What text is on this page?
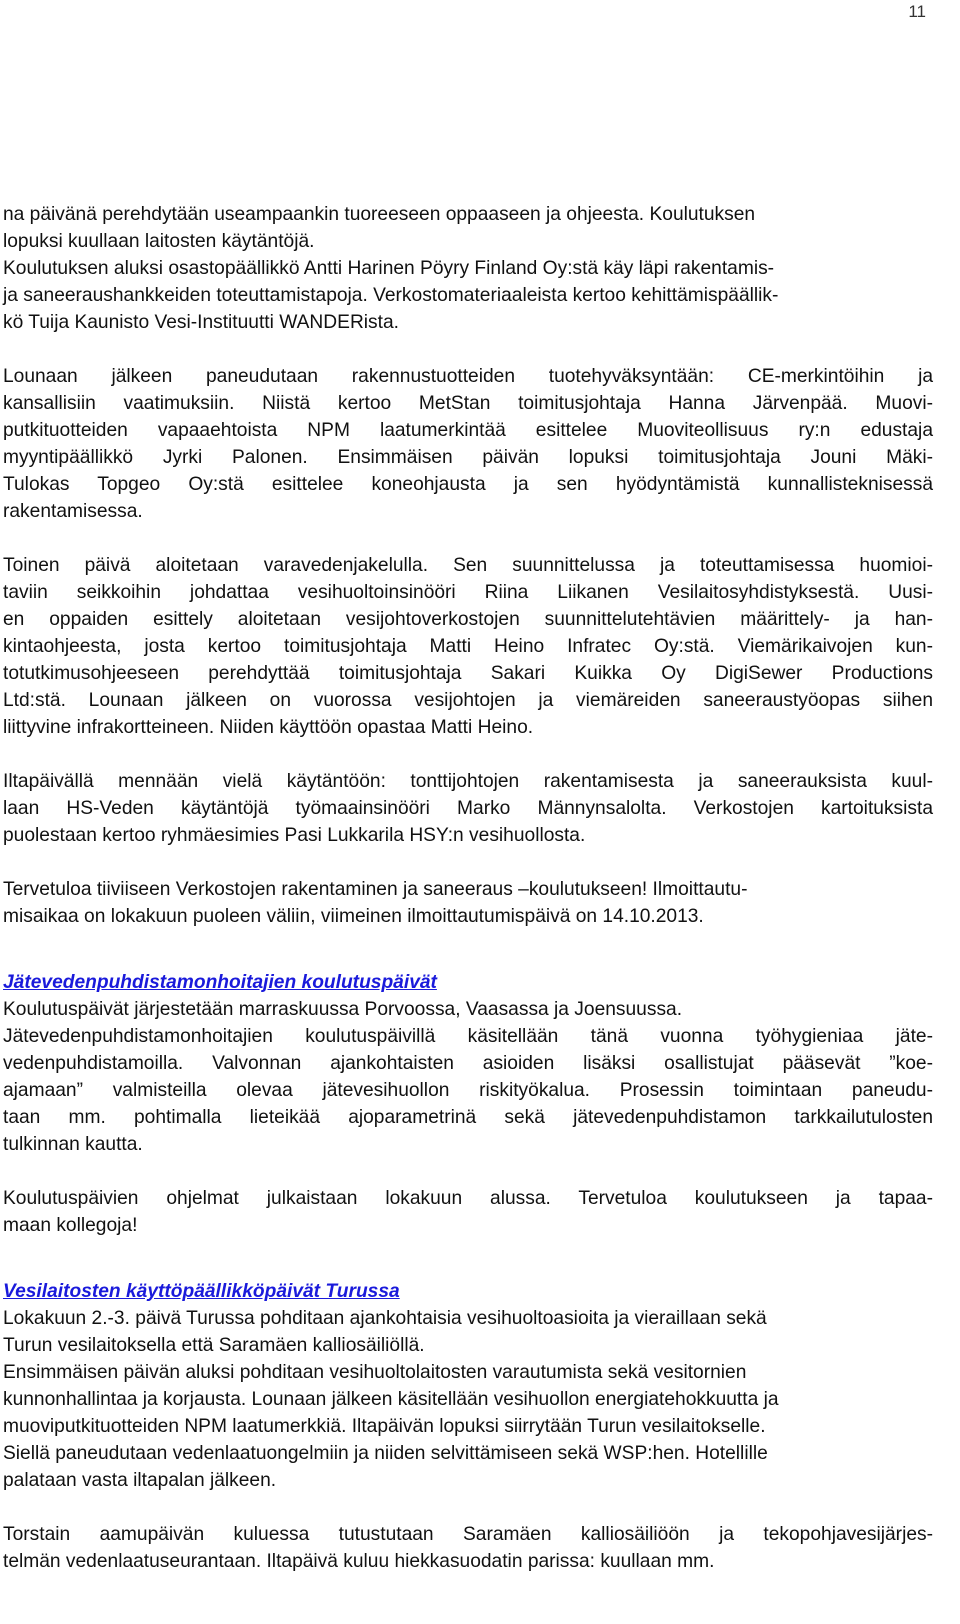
11
na päivänä perehdytään useampaankin tuoreeseen oppaaseen ja ohjeesta. Koulutuksen
lopuksi kuullaan laitosten käytäntöjä.
Koulutuksen aluksi osastopäällikkö Antti Harinen Pöyry Finland Oy:stä käy läpi rakentamis-
ja saneeraushankkeiden toteuttamistapoja. Verkostomateriaaleista kertoo kehittämispäällik-
kö Tuija Kaunisto Vesi-Instituutti WANDERista.
Lounaan jälkeen paneudutaan rakennustuotteiden tuotehyväksyntään: CE-merkintöihin ja
kansallisiin vaatimuksiin. Niistä kertoo MetStan toimitusjohtaja Hanna Järvenpää. Muovi-
putkituotteiden vapaaehtoista NPM laatumerkintää esittelee Muoviteollisuus ry:n edustaja
myyntipäällikkö Jyrki Palonen. Ensimmäisen päivän lopuksi toimitusjohtaja Jouni Mäki-
Tulokas Topgeo Oy:stä esittelee koneohjausta ja sen hyödyntämistä kunnallisteknisessä
rakentamisessa.
Toinen päivä aloitetaan varavedenjakelulla. Sen suunnittelussa ja toteuttamisessa huomioi-
taviin seikkoihin johdattaa vesihuoltoinsinööri Riina Liikanen Vesilaitosyhdistyksestä. Uusi-
en oppaiden esittely aloitetaan vesijohtoverkostojen suunnittelutehtävien määrittely- ja han-
kintaohjeesta, josta kertoo toimitusjohtaja Matti Heino Infratec Oy:stä. Viemärikaivojen kun-
totutkimusohjeeseen perehdyttää toimitusjohtaja Sakari Kuikka Oy DigiSewer Productions
Ltd:stä. Lounaan jälkeen on vuorossa vesijohtojen ja viemäreiden saneeraustyöopas siihen
liittyvine infrakortteineen. Niiden käyttöön opastaa Matti Heino.
Iltapäivällä mennään vielä käytäntöön: tonttijohtojen rakentamisesta ja saneerauksista kuul-
laan HS-Veden käytäntöjä työmaainsinööri Marko Männynsalolta. Verkostojen kartoituksista
puolestaan kertoo ryhmäesimies Pasi Lukkarila HSY:n vesihuollosta.
Tervetuloa tiiviiseen Verkostojen rakentaminen ja saneeraus –koulutukseen! Ilmoittautu-
misaikaa on lokakuun puoleen väliin, viimeinen ilmoittautumispäivä on 14.10.2013.
Jätevedenpuhdistamonhoitajien koulutuspäivät
Koulutuspäivät järjestetään marraskuussa Porvoossa, Vaasassa ja Joensuussa.
Jätevedenpuhdistamonhoitajien koulutuspäivillä käsitellään tänä vuonna työhygieniaa jäte-
vedenpuhdistamoilla. Valvonnan ajankohtaisten asioiden lisäksi osallistujat pääsevät ”koe-
ajamaan” valmisteilla olevaa jätevesihuollon riskityökalua. Prosessin toimintaan paneudu-
taan mm. pohtimalla lieteikää ajoparametrinä sekä jätevedenpuhdistamon tarkkailutulosten
tulkinnan kautta.
Koulutuspäivien ohjelmat julkaistaan lokakuun alussa. Tervetuloa koulutukseen ja tapaa-
maan kollegoja!
Vesilaitosten käyttöpäällikköpäivät Turussa
Lokakuun 2.-3. päivä Turussa pohditaan ajankohtaisia vesihuoltoasioita ja vieraillaan sekä
Turun vesilaitoksella että Saramäen kalliosäiliöllä.
Ensimmäisen päivän aluksi pohditaan vesihuoltolaitosten varautumista sekä vesitornien
kunnonhallintaa ja korjausta. Lounaan jälkeen käsitellään vesihuollon energiatehokkuutta ja
muoviputkituotteiden NPM laatumerkkiä. Iltapäivän lopuksi siirrytään Turun vesilaitokselle.
Siellä paneudutaan vedenlaatuongelmiin ja niiden selvittämiseen sekä WSP:hen. Hotellille
palataan vasta iltapalan jälkeen.
Torstain aamupäivän kuluessa tutustutaan Saramäen kalliosäiliöön ja tekopohjavesijärjes-
telmän vedenlaatuseurantaan. Iltapäivä kuluu hiekkasuodatin parissa: kuullaan mm.
